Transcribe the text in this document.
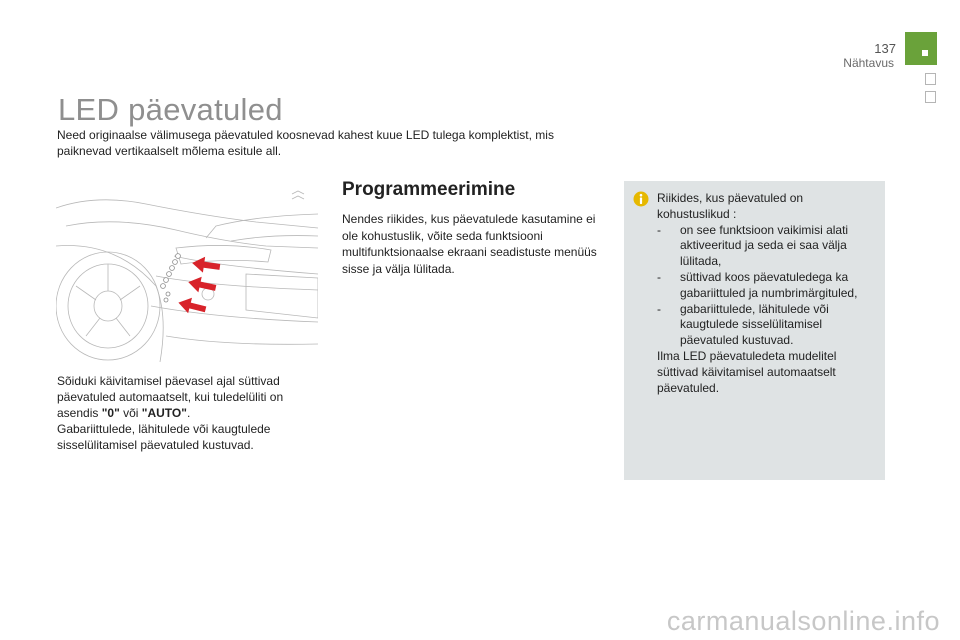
137
Nähtavus
LED päevatuled
Need originaalse välimusega päevatuled koosnevad kahest kuue LED tulega komplektist, mis paiknevad vertikaalselt mõlema esitule all.
Sõiduki käivitamisel päevasel ajal süttivad päevatuled automaatselt, kui tuledelüliti on asendis "0" või "AUTO".
Gabariittulede, lähitulede või kaugtulede sisselülitamisel päevatuled kustuvad.
Programmeerimine
Nendes riikides, kus päevatulede kasutamine ei ole kohustuslik, võite seda funktsiooni multifunktsionaalse ekraani seadistuste menüüs sisse ja välja lülitada.
Riikides, kus päevatuled on kohustuslikud :
- on see funktsioon vaikimisi alati aktiveeritud ja seda ei saa välja lülitada,
- süttivad koos päevatuledega ka gabariittuled ja numbrimärgituled,
- gabariittulede, lähitulede või kaugtulede sisselülitamisel päevatuled kustuvad.
Ilma LED päevatuledeta mudelitel süttivad käivitamisel automaatselt päevatuled.
carmanualsonline.info
